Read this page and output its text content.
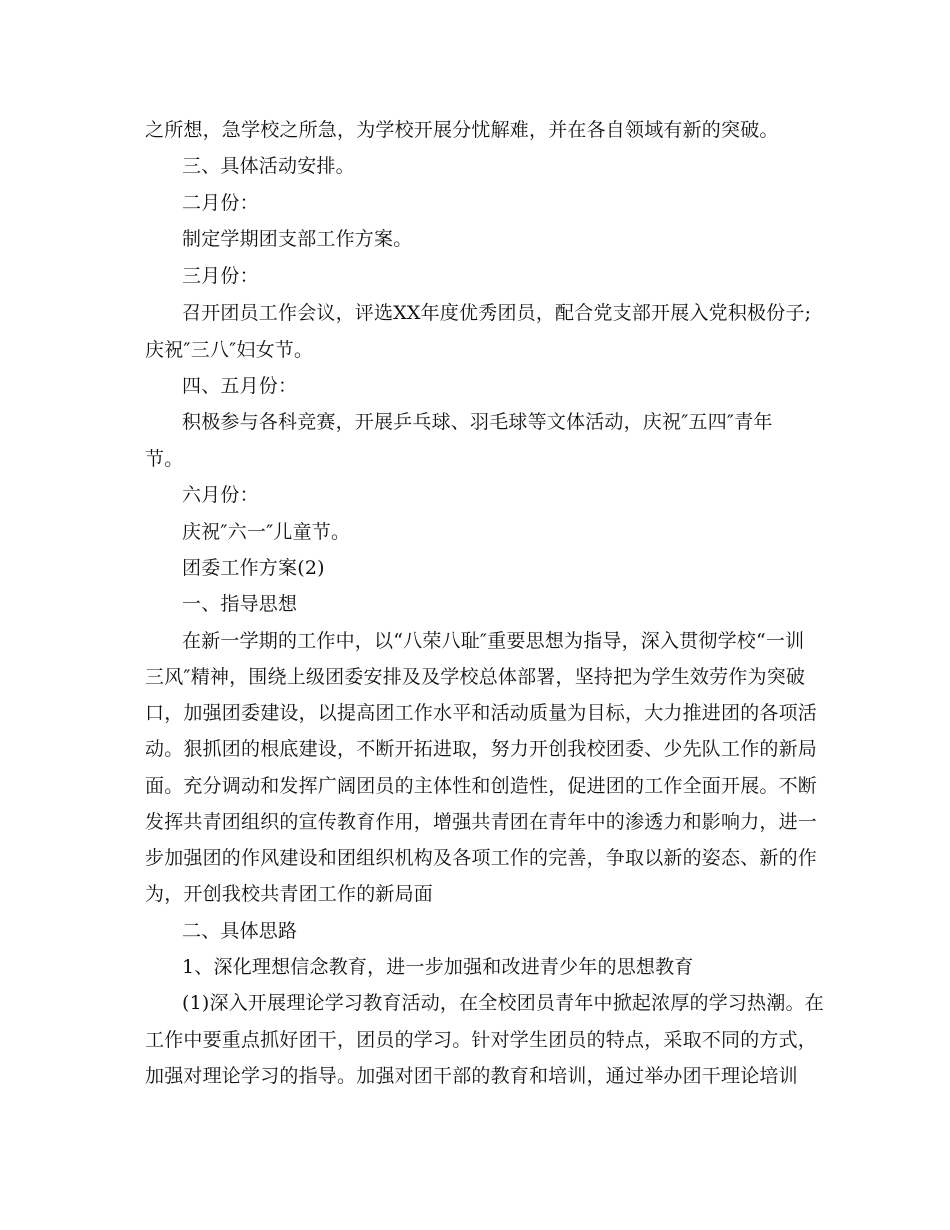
之所想，急学校之所急，为学校开展分忧解难，并在各自领域有新的突破。
三、具体活动安排。
二月份：
制定学期团支部工作方案。
三月份：
召开团员工作会议，评选XX年度优秀团员，配合党支部开展入党积极份子;
庆祝″三八″妇女节。
四、五月份：
积极参与各科竞赛，开展乒乓球、羽毛球等文体活动，庆祝″五四″青年
节。
六月份：
庆祝″六一″儿童节。
团委工作方案(2)
一、指导思想
在新一学期的工作中，以“八荣八耻″重要思想为指导，深入贯彻学校“一训
三风″精神，围绕上级团委安排及及学校总体部署，坚持把为学生效劳作为突破
口，加强团委建设，以提高团工作水平和活动质量为目标，大力推进团的各项活
动。狠抓团的根底建设，不断开拓进取，努力开创我校团委、少先队工作的新局
面。充分调动和发挥广阔团员的主体性和创造性，促进团的工作全面开展。不断
发挥共青团组织的宣传教育作用，增强共青团在青年中的渗透力和影响力，进一
步加强团的作风建设和团组织机构及各项工作的完善，争取以新的姿态、新的作
为，开创我校共青团工作的新局面
二、具体思路
1、深化理想信念教育，进一步加强和改进青少年的思想教育
(1)深入开展理论学习教育活动，在全校团员青年中掀起浓厚的学习热潮。在
工作中要重点抓好团干，团员的学习。针对学生团员的特点，采取不同的方式，
加强对理论学习的指导。加强对团干部的教育和培训，通过举办团干理论培训
